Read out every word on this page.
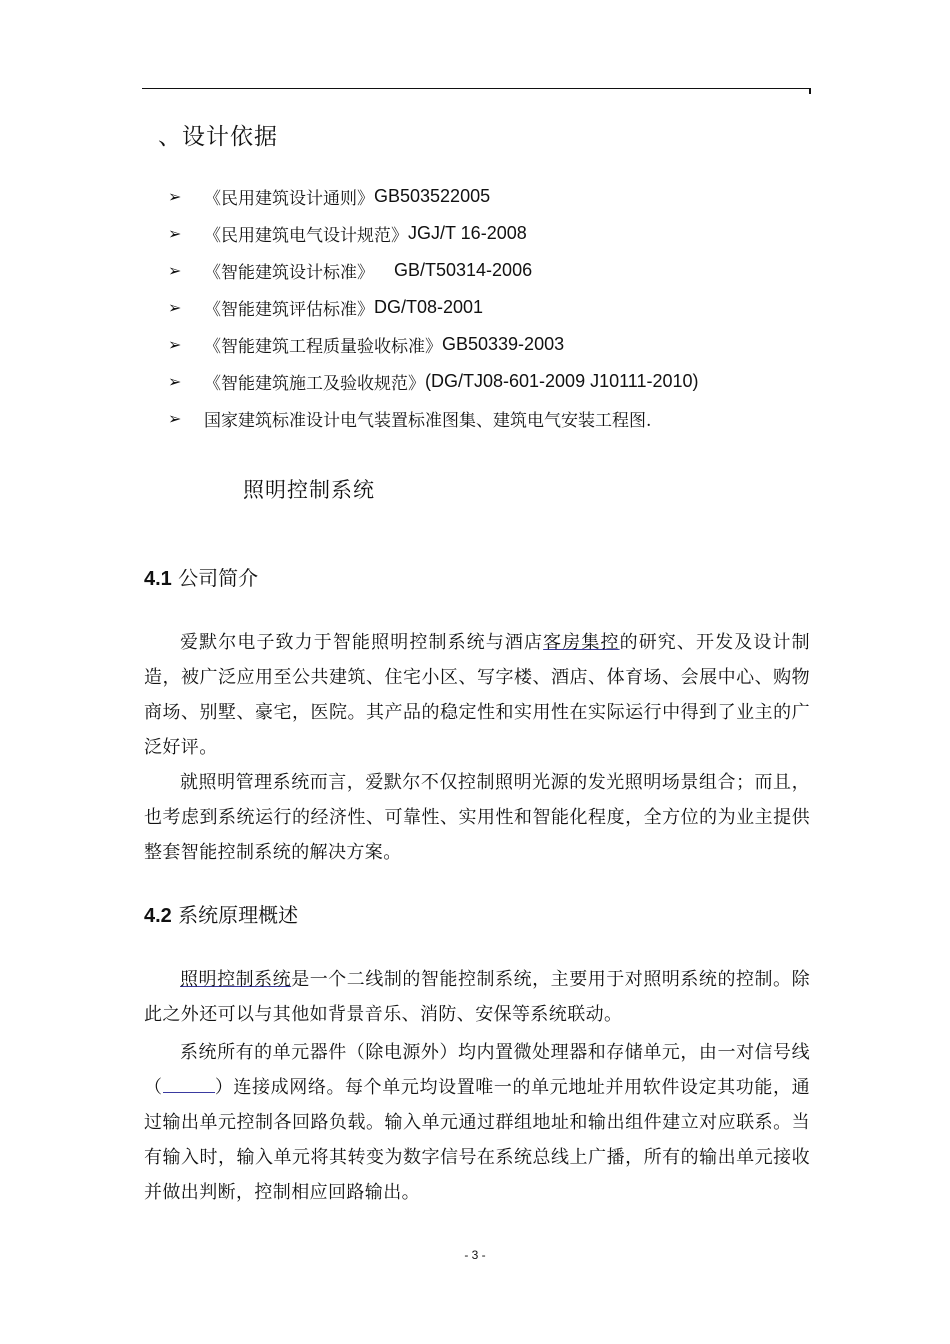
、设计依据
➢	《民用建筑设计通则》 GB503522005
➢	《民用建筑电气设计规范》 JGJ/T 16-2008
➢	《智能建筑设计标准》 GB/T50314-2006
➢	《智能建筑评估标准》 DG/T08-2001
➢	《智能建筑工程质量验收标准》 GB50339-2003
➢	《智能建筑施工及验收规范》 (DG/TJ08-601-2009 J10111-2010)
➢	国家建筑标准设计电气装置标准图集、建筑电气安装工程图.
照明控制系统
4.1 公司简介
爱默尔电子致力于智能照明控制系统与酒店客房集控的研究、开发及设计制造，被广泛应用至公共建筑、住宅小区、写字楼、酒店、体育场、会展中心、购物商场、别墅、豪宅，医院。其产品的稳定性和实用性在实际运行中得到了业主的广泛好评。
就照明管理系统而言，爱默尔不仅控制照明光源的发光照明场景组合；而且，也考虑到系统运行的经济性、可靠性、实用性和智能化程度，全方位的为业主提供整套智能控制系统的解决方案。
4.2 系统原理概述
照明控制系统是一个二线制的智能控制系统，主要用于对照明系统的控制。除此之外还可以与其他如背景音乐、消防、安保等系统联动。
系统所有的单元器件（除电源外）均内置微处理器和存储单元，由一对信号线（	）连接成网络。每个单元均设置唯一的单元地址并用软件设定其功能，通过输出单元控制各回路负载。输入单元通过群组地址和输出组件建立对应联系。当有输入时，输入单元将其转变为数字信号在系统总线上广播，所有的输出单元接收并做出判断，控制相应回路输出。
- 3 -
